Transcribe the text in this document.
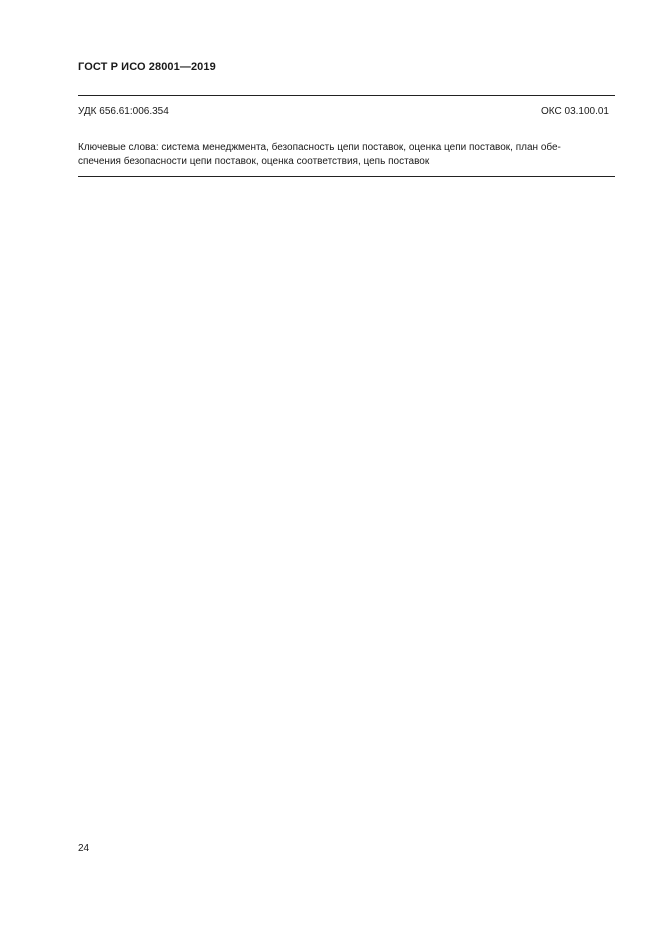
ГОСТ Р ИСО 28001—2019
УДК 656.61:006.354	ОКС 03.100.01
Ключевые слова: система менеджмента, безопасность цепи поставок, оценка цепи поставок, план обе-
спечения безопасности цепи поставок, оценка соответствия, цепь поставок
24
